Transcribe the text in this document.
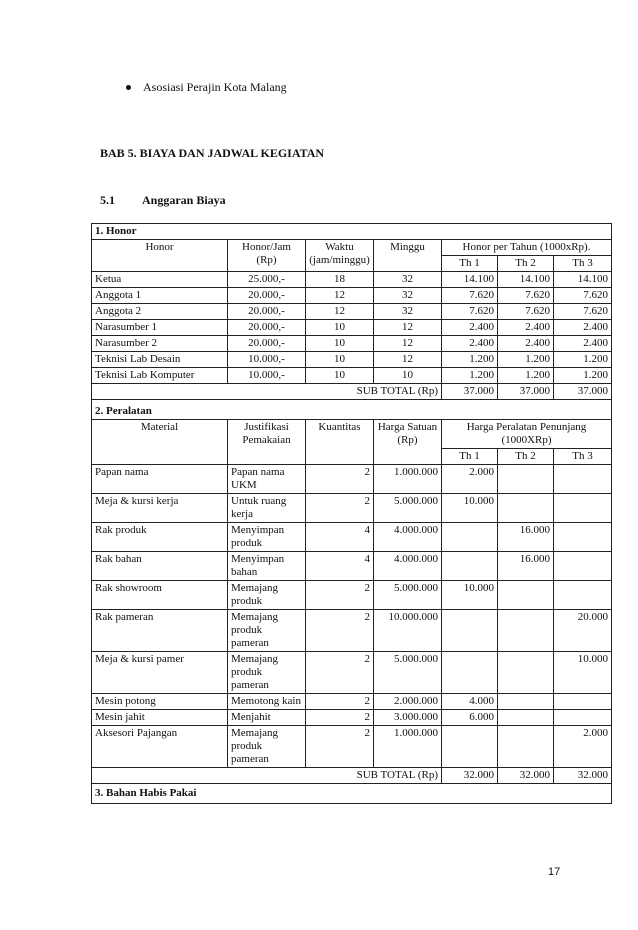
Asosiasi Perajin Kota Malang
BAB 5. BIAYA DAN JADWAL KEGIATAN
5.1 Anggaran Biaya
1. Honor						
Honor	Honor/Jam (Rp)	Waktu (jam/minggu)	Minggu	Honor per Tahun (1000xRp).		
				Th 1	Th 2	Th 3
Ketua	25.000,-	18	32	14.100	14.100	14.100
Anggota 1	20.000,-	12	32	7.620	7.620	7.620
Anggota 2	20.000,-	12	32	7.620	7.620	7.620
Narasumber 1	20.000,-	10	12	2.400	2.400	2.400
Narasumber 2	20.000,-	10	12	2.400	2.400	2.400
Teknisi Lab Desain	10.000,-	10	12	1.200	1.200	1.200
Teknisi Lab Komputer	10.000,-	10	10	1.200	1.200	1.200
SUB TOTAL (Rp)				37.000	37.000	37.000
2. Peralatan						
Material	Justifikasi Pemakaian	Kuantitas	Harga Satuan (Rp)	Harga Peralatan Penunjang (1000XRp)		
				Th 1	Th 2	Th 3
Papan nama	Papan nama UKM	2	1.000.000	2.000		
Meja & kursi kerja	Untuk ruang kerja	2	5.000.000	10.000		
Rak produk	Menyimpan produk	4	4.000.000		16.000	
Rak bahan	Menyimpan bahan	4	4.000.000		16.000	
Rak showroom	Memajang produk	2	5.000.000	10.000		
Rak pameran	Memajang produk pameran	2	10.000.000			20.000
Meja & kursi pamer	Memajang produk pameran	2	5.000.000			10.000
Mesin potong	Memotong kain	2	2.000.000	4.000		
Mesin jahit	Menjahit	2	3.000.000	6.000		
Aksesori Pajangan	Memajang produk pameran	2	1.000.000			2.000
SUB TOTAL (Rp)				32.000	32.000	32.000
3. Bahan Habis Pakai						
17
